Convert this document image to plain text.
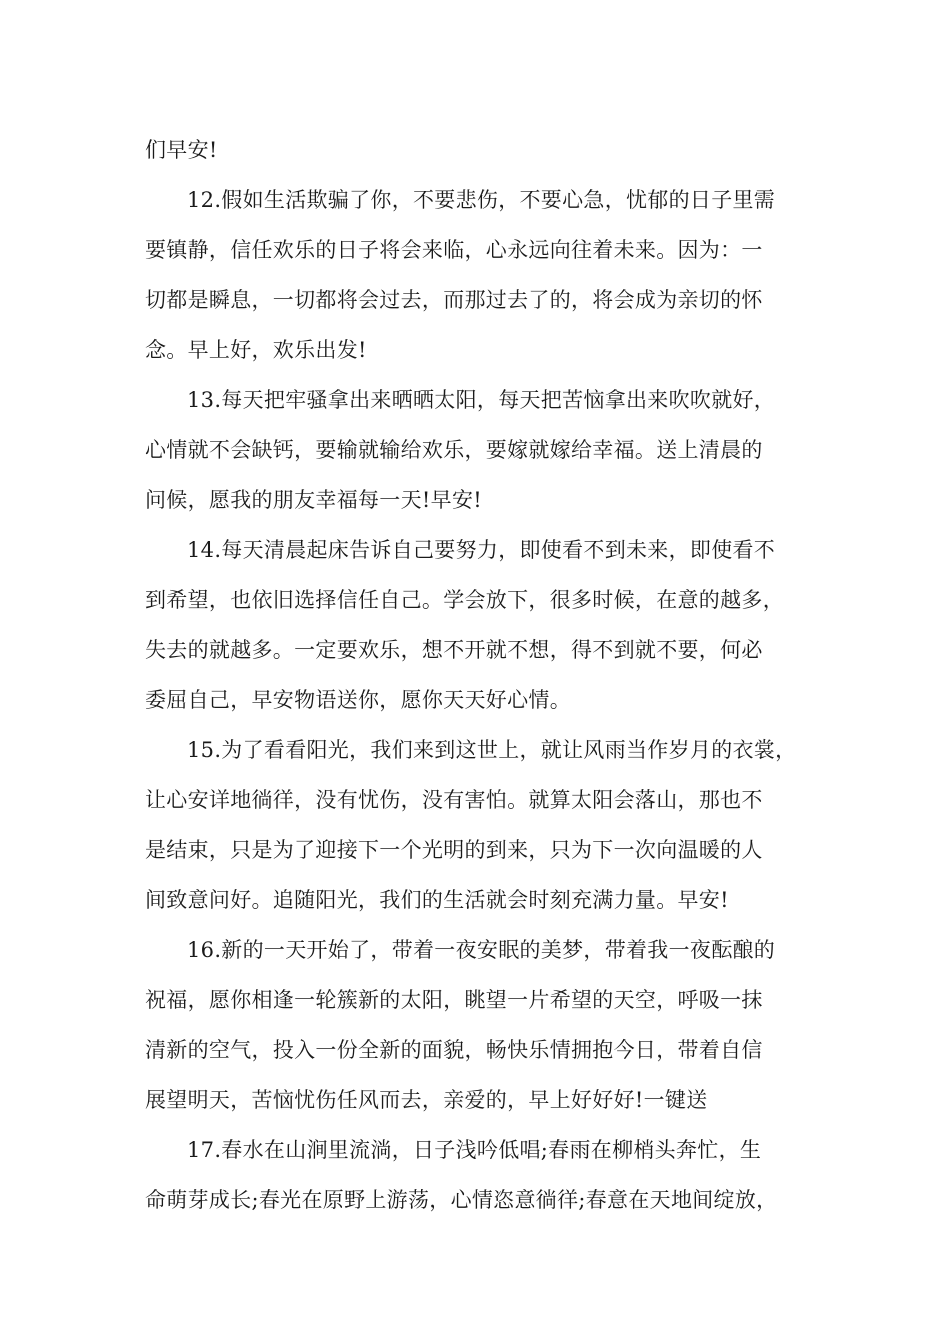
们早安!
12.假如生活欺骗了你，不要悲伤，不要心急，忧郁的日子里需
要镇静，信任欢乐的日子将会来临，心永远向往着未来。因为：一
切都是瞬息，一切都将会过去，而那过去了的，将会成为亲切的怀
念。早上好，欢乐出发!
13.每天把牢骚拿出来晒晒太阳，每天把苦恼拿出来吹吹就好，
心情就不会缺钙，要输就输给欢乐，要嫁就嫁给幸福。送上清晨的
问候，愿我的朋友幸福每一天!早安!
14.每天清晨起床告诉自己要努力，即使看不到未来，即使看不
到希望，也依旧选择信任自己。学会放下，很多时候，在意的越多，
失去的就越多。一定要欢乐，想不开就不想，得不到就不要，何必
委屈自己，早安物语送你，愿你天天好心情。
15.为了看看阳光，我们来到这世上，就让风雨当作岁月的衣裳，
让心安详地徜徉，没有忧伤，没有害怕。就算太阳会落山，那也不
是结束，只是为了迎接下一个光明的到来，只为下一次向温暖的人
间致意问好。追随阳光，我们的生活就会时刻充满力量。早安!
16.新的一天开始了，带着一夜安眠的美梦，带着我一夜酝酿的
祝福，愿你相逢一轮簇新的太阳，眺望一片希望的天空，呼吸一抹
清新的空气，投入一份全新的面貌，畅快乐情拥抱今日，带着自信
展望明天，苦恼忧伤任风而去，亲爱的，早上好好好!一键送
17.春水在山涧里流淌，日子浅吟低唱;春雨在柳梢头奔忙，生
命萌芽成长;春光在原野上游荡，心情恣意徜徉;春意在天地间绽放，
